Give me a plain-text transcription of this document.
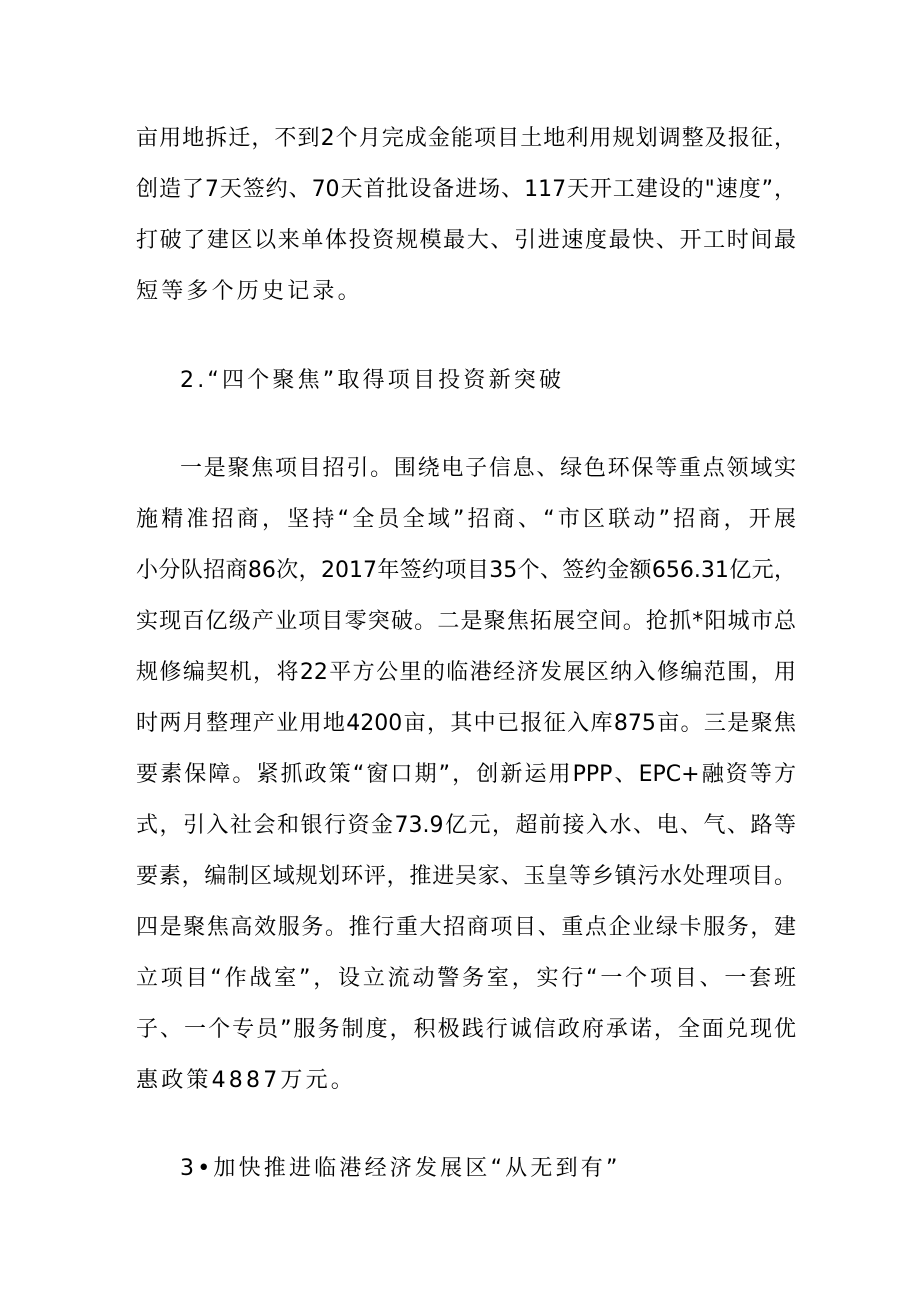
亩用地拆迁，不到2个月完成金能项目土地利用规划调整及报征，
创造了7天签约、70天首批设备进场、117天开工建设的"速度”，
打破了建区以来单体投资规模最大、引进速度最快、开工时间最
短等多个历史记录。
2.“四个聚焦”取得项目投资新突破
一是聚焦项目招引。围绕电子信息、绿色环保等重点领域实
施精准招商，坚持“全员全域”招商、“市区联动”招商，开展
小分队招商86次，2017年签约项目35个、签约金额656.31亿元，
实现百亿级产业项目零突破。二是聚焦拓展空间。抢抓*阳城市总
规修编契机，将22平方公里的临港经济发展区纳入修编范围，用
时两月整理产业用地4200亩，其中已报征入库875亩。三是聚焦
要素保障。紧抓政策“窗口期”，创新运用PPP、EPC+融资等方
式，引入社会和银行资金73.9亿元，超前接入水、电、气、路等
要素，编制区域规划环评，推进吴家、玉皇等乡镇污水处理项目。
四是聚焦高效服务。推行重大招商项目、重点企业绿卡服务，建
立项目“作战室”，设立流动警务室，实行“一个项目、一套班
子、一个专员”服务制度，积极践行诚信政府承诺，全面兑现优
惠政策4887万元。
3•加快推进临港经济发展区“从无到有”
